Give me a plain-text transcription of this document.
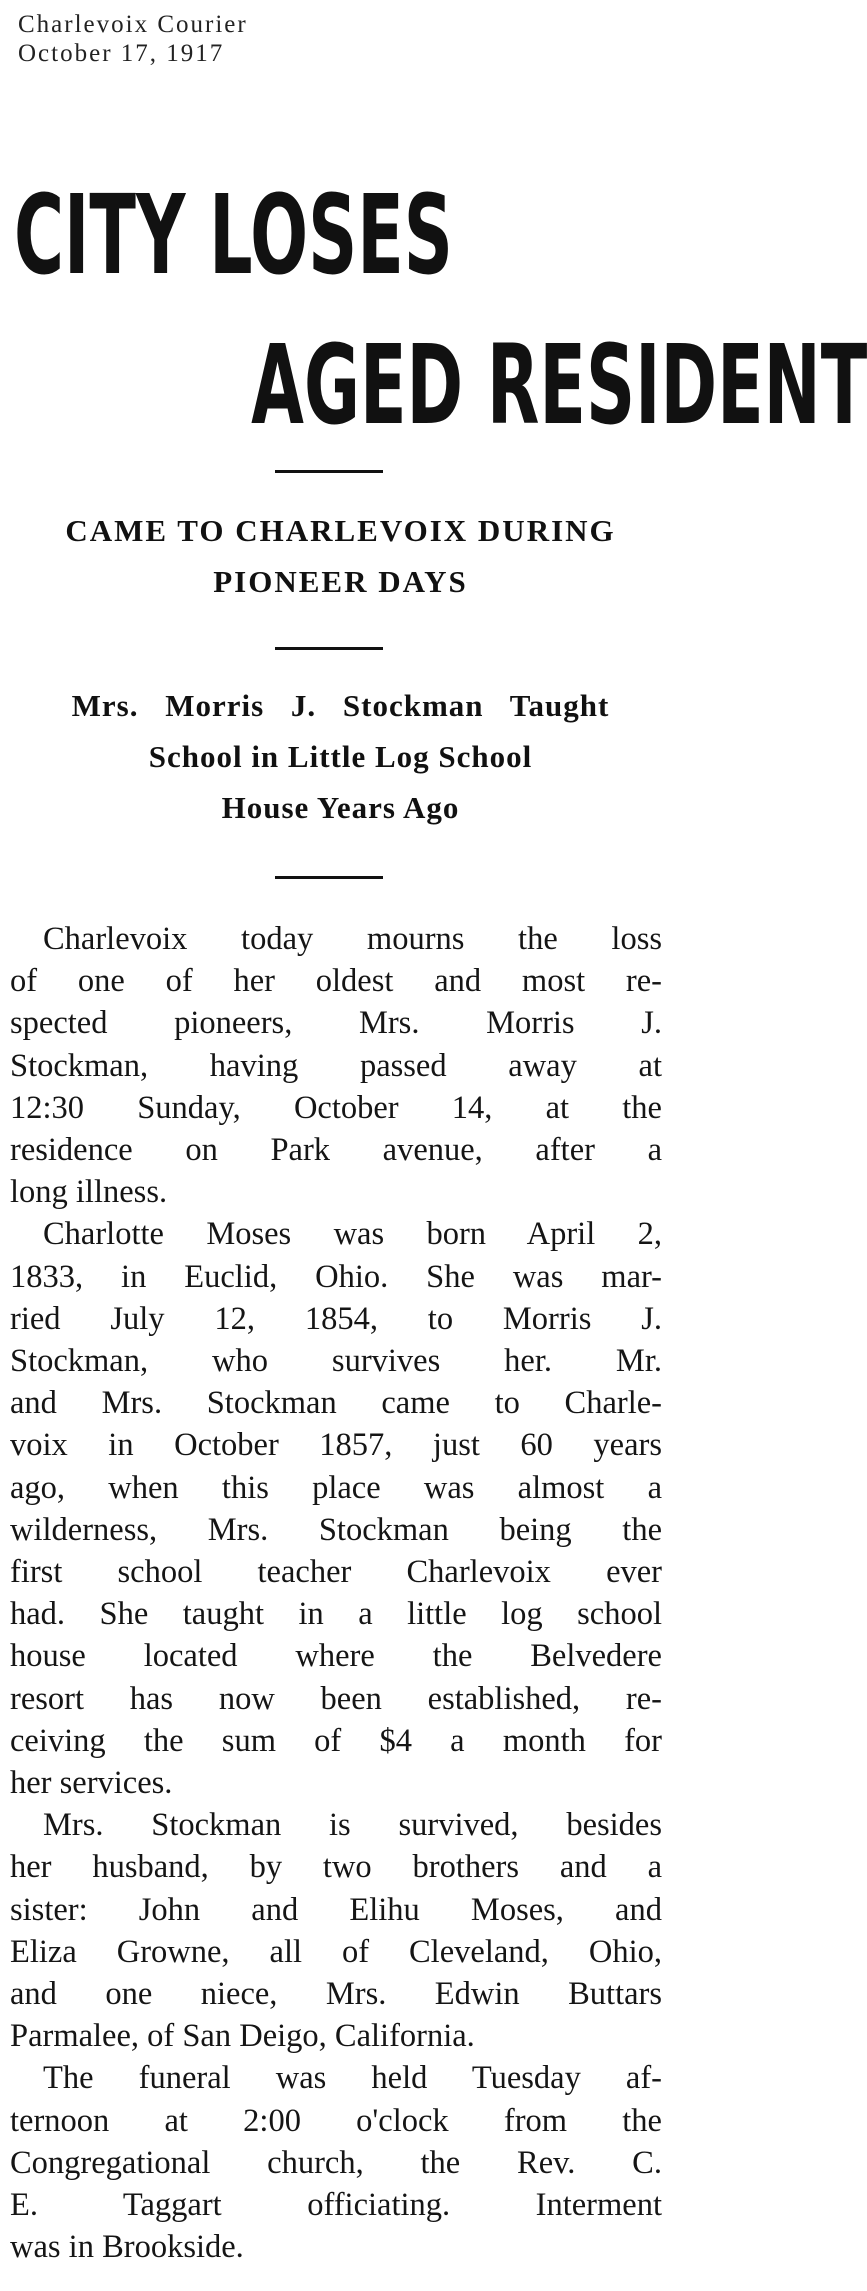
Charlevoix Courier
October 17, 1917
CITY LOSES
AGED RESIDENT
CAME TO CHARLEVOIX DURING
PIONEER DAYS
Mrs. Morris J. Stockman Taught
School in Little Log School
House Years Ago
Charlevoix today mourns the loss
of one of her oldest and most re-
spected pioneers, Mrs. Morris J.
Stockman, having passed away at
12:30 Sunday, October 14, at the
residence on Park avenue, after a
long illness.
Charlotte Moses was born April 2,
1833, in Euclid, Ohio. She was mar-
ried July 12, 1854, to Morris J.
Stockman, who survives her. Mr.
and Mrs. Stockman came to Charle-
voix in October 1857, just 60 years
ago, when this place was almost a
wilderness, Mrs. Stockman being the
first school teacher Charlevoix ever
had. She taught in a little log school
house located where the Belvedere
resort has now been established, re-
ceiving the sum of $4 a month for
her services.
Mrs. Stockman is survived, besides
her husband, by two brothers and a
sister: John and Elihu Moses, and
Eliza Growne, all of Cleveland, Ohio,
and one niece, Mrs. Edwin Buttars
Parmalee, of San Deigo, California.
The funeral was held Tuesday af-
ternoon at 2:00 o'clock from the
Congregational church, the Rev. C.
E. Taggart officiating. Interment
was in Brookside.
